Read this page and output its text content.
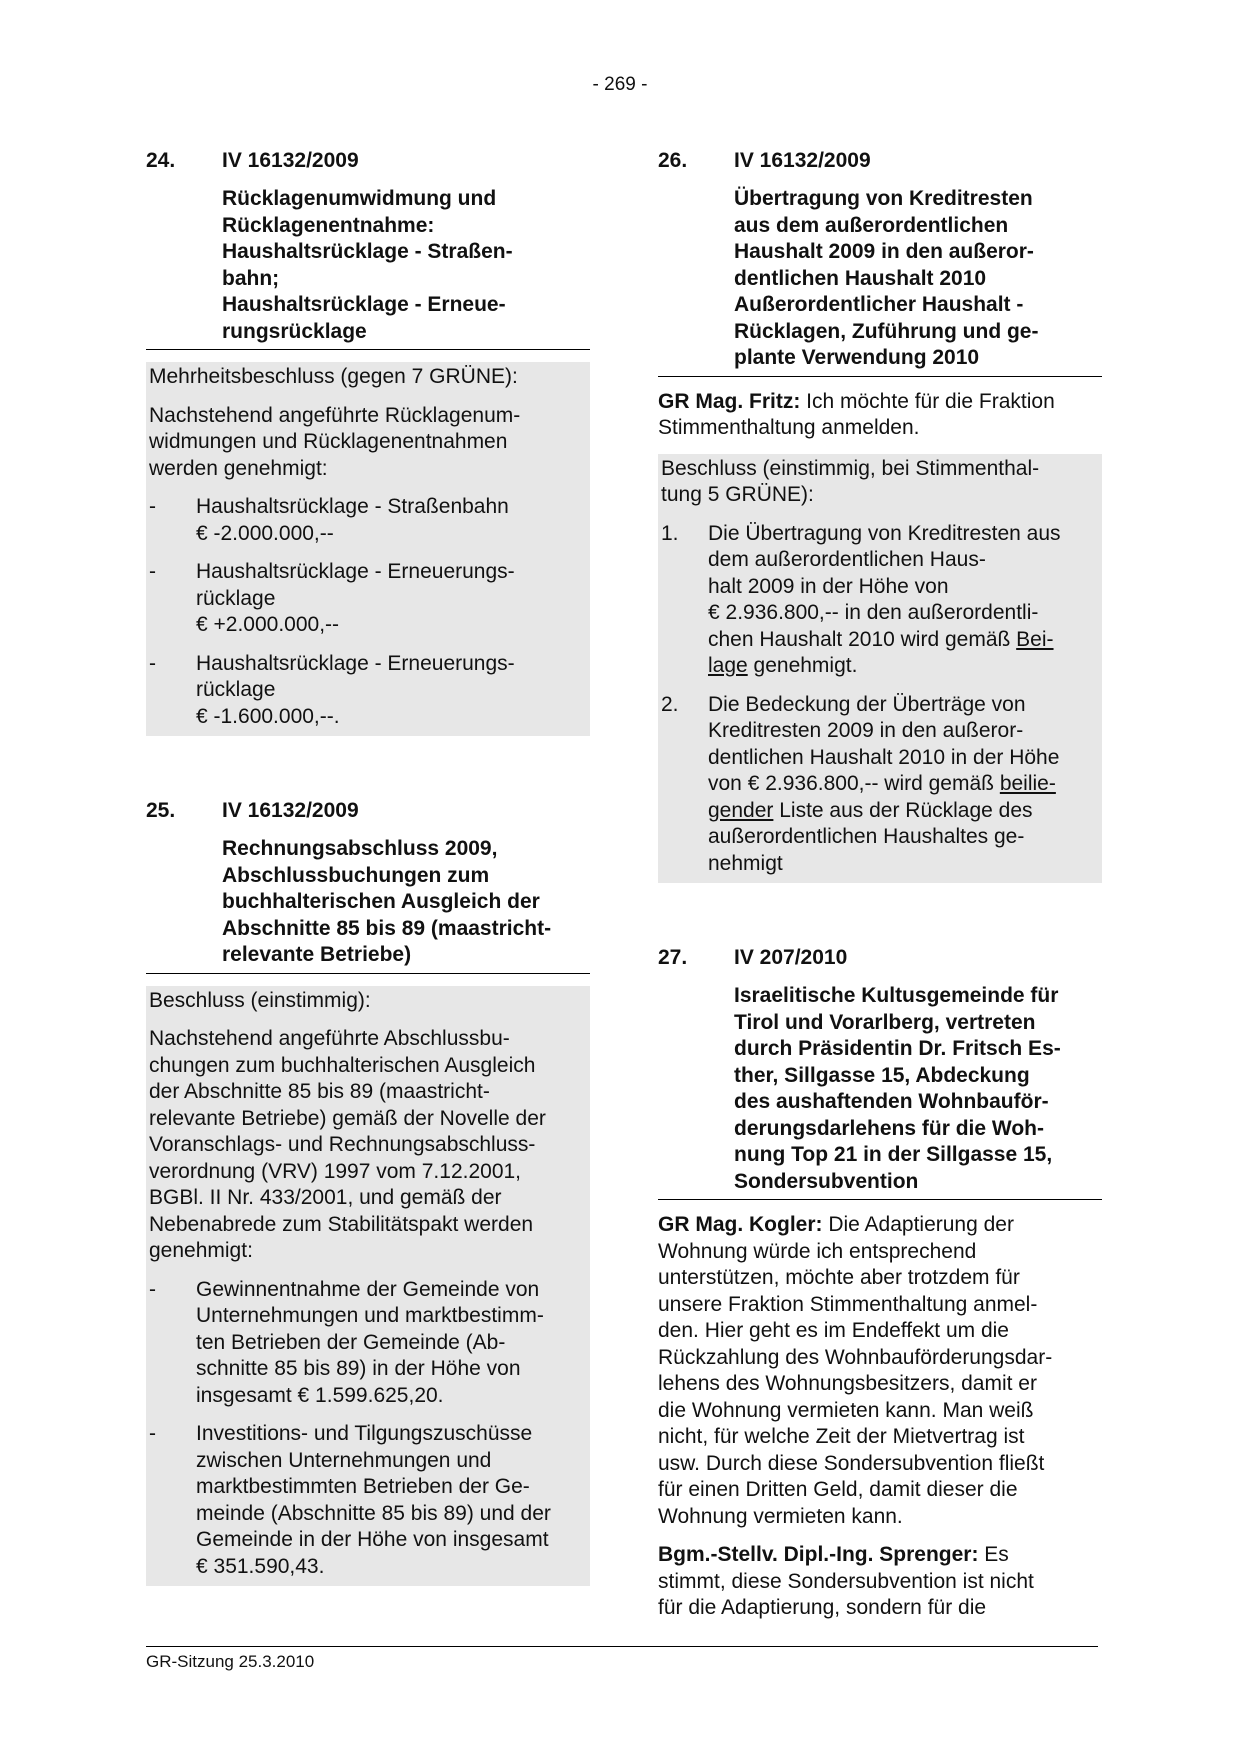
- 269 -
24.	IV 16132/2009
Rücklagenumwidmung und
Rücklagenentnahme:
Haushaltsrücklage - Straßen-
bahn;
Haushaltsrücklage - Erneue-
rungsrücklage
Mehrheitsbeschluss (gegen 7 GRÜNE):
Nachstehend angeführte Rücklagenum-
widmungen und Rücklagenentnahmen
werden genehmigt:
-	Haushaltsrücklage - Straßenbahn
€ -2.000.000,--
-	Haushaltsrücklage - Erneuerungs-
rücklage
€ +2.000.000,--
-	Haushaltsrücklage - Erneuerungs-
rücklage
€ -1.600.000,--.
25.	IV 16132/2009
Rechnungsabschluss 2009,
Abschlussbuchungen zum
buchhalterischen Ausgleich der
Abschnitte 85 bis 89 (maastricht-
relevante Betriebe)
Beschluss (einstimmig):
Nachstehend angeführte Abschlussbu-
chungen zum buchhalterischen Ausgleich
der Abschnitte 85 bis 89 (maastricht-
relevante Betriebe) gemäß der Novelle der
Voranschlags- und Rechnungsabschluss-
verordnung (VRV) 1997 vom 7.12.2001,
BGBl. II Nr. 433/2001, und gemäß der
Nebenabrede zum Stabilitätspakt werden
genehmigt:
-	Gewinnentnahme der Gemeinde von
Unternehmungen und marktbestimm-
ten Betrieben der Gemeinde (Ab-
schnitte 85 bis 89) in der Höhe von
insgesamt € 1.599.625,20.
-	Investitions- und Tilgungszuschüsse
zwischen Unternehmungen und
marktbestimmten Betrieben der Ge-
meinde (Abschnitte 85 bis 89) und der
Gemeinde in der Höhe von insgesamt
€ 351.590,43.
26.	IV 16132/2009
Übertragung von Kreditresten
aus dem außerordentlichen
Haushalt 2009 in den außeror-
dentlichen Haushalt 2010
Außerordentlicher Haushalt -
Rücklagen, Zuführung und ge-
plante Verwendung 2010
GR Mag. Fritz: Ich möchte für die Fraktion
Stimmenthaltung anmelden.
Beschluss (einstimmig, bei Stimmenthal-
tung 5 GRÜNE):
1.	Die Übertragung von Kreditresten aus
dem außerordentlichen Haus-
halt 2009 in der Höhe von
€ 2.936.800,-- in den außerordentli-
chen Haushalt 2010 wird gemäß Bei-
lage genehmigt.
2.	Die Bedeckung der Überträge von
Kreditresten 2009 in den außeror-
dentlichen Haushalt 2010 in der Höhe
von € 2.936.800,-- wird gemäß beilie-
gender Liste aus der Rücklage des
außerordentlichen Haushaltes ge-
nehmigt
27.	IV 207/2010
Israelitische Kultusgemeinde für
Tirol und Vorarlberg, vertreten
durch Präsidentin Dr. Fritsch Es-
ther, Sillgasse 15, Abdeckung
des aushaftenden Wohnbauför-
derungsdarlehens für die Woh-
nung Top 21 in der Sillgasse 15,
Sondersubvention
GR Mag. Kogler: Die Adaptierung der
Wohnung würde ich entsprechend
unterstützen, möchte aber trotzdem für
unsere Fraktion Stimmenthaltung anmel-
den. Hier geht es im Endeffekt um die
Rückzahlung des Wohnbauförderungsdar-
lehens des Wohnungsbesitzers, damit er
die Wohnung vermieten kann. Man weiß
nicht, für welche Zeit der Mietvertrag ist
usw. Durch diese Sondersubvention fließt
für einen Dritten Geld, damit dieser die
Wohnung vermieten kann.
Bgm.-Stellv. Dipl.-Ing. Sprenger: Es
stimmt, diese Sondersubvention ist nicht
für die Adaptierung, sondern für die
GR-Sitzung 25.3.2010
